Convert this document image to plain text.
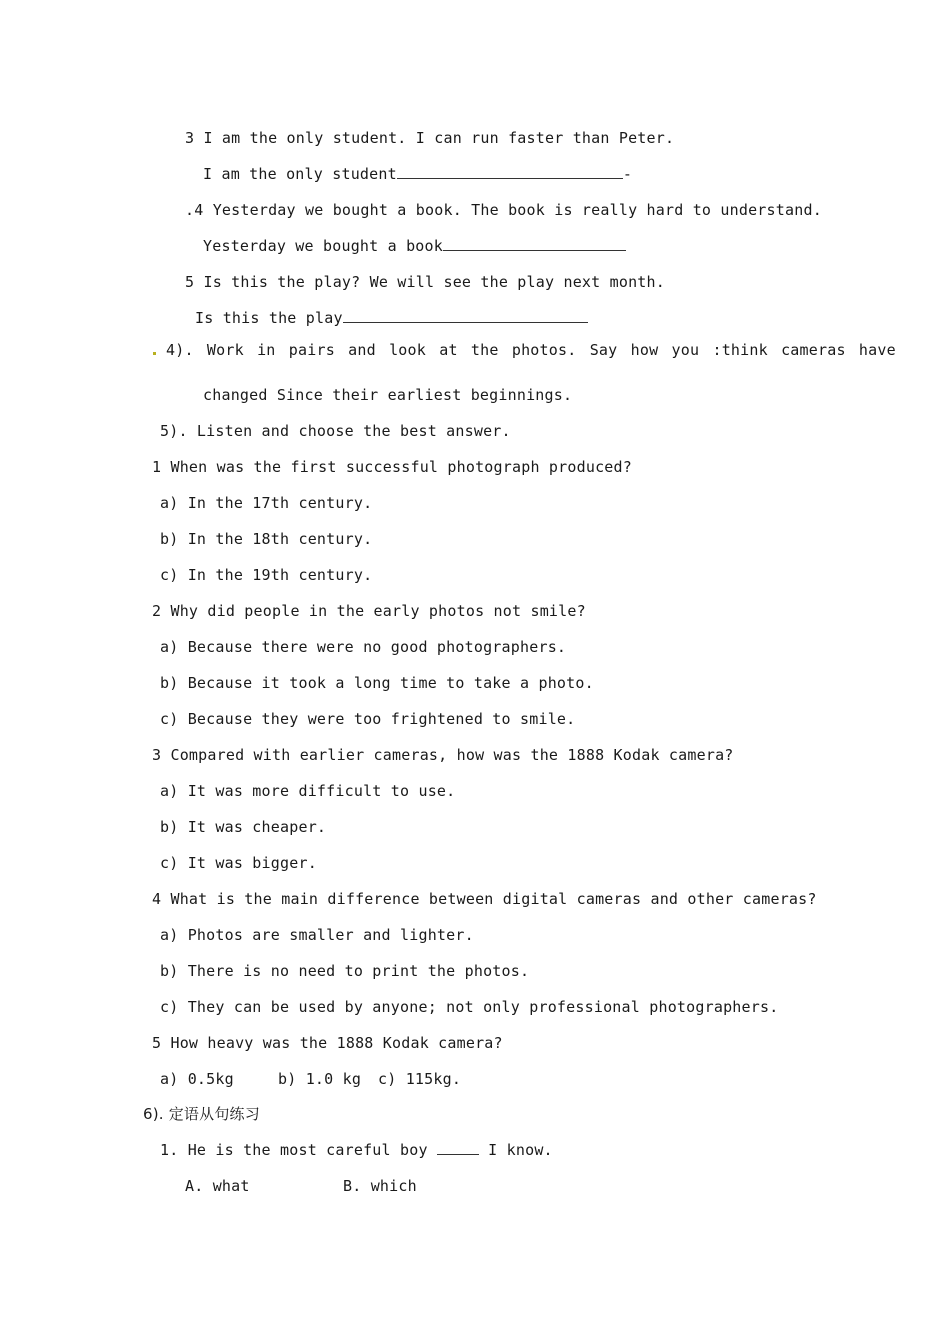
3 I am the only student. I can run faster than Peter.
I am the only student	-
.4 Yesterday we bought a book. The book is really hard to understand.
Yesterday we bought a book
5 Is this the play? We will see the play next month.
Is this the play
4). Work in pairs and look at the photos. Say how you :think cameras have
changed Since their earliest beginnings.
5). Listen and choose the best answer.
1 When was the first successful photograph produced?
a) In the 17th century.
b) In the 18th century.
c) In the 19th century.
2 Why did people in the early photos not smile?
a) Because there were no good photographers.
b) Because it took a long time to take a photo.
c) Because they were too frightened to smile.
3 Compared with earlier cameras, how was the 1888 Kodak camera?
a) It was more difficult to use.
b) It was cheaper.
c) It was bigger.
4 What is the main difference between digital cameras and other cameras?
a) Photos are smaller and lighter.
b) There is no need to print the photos.
c) They can be used by anyone; not only professional photographers.
5 How heavy was the 1888 Kodak camera?
a) 0.5kg	b) 1.0 kg c) 115kg.
6). 定语从句练习
1. He is the most careful boy	I know.
A. what	B. which
